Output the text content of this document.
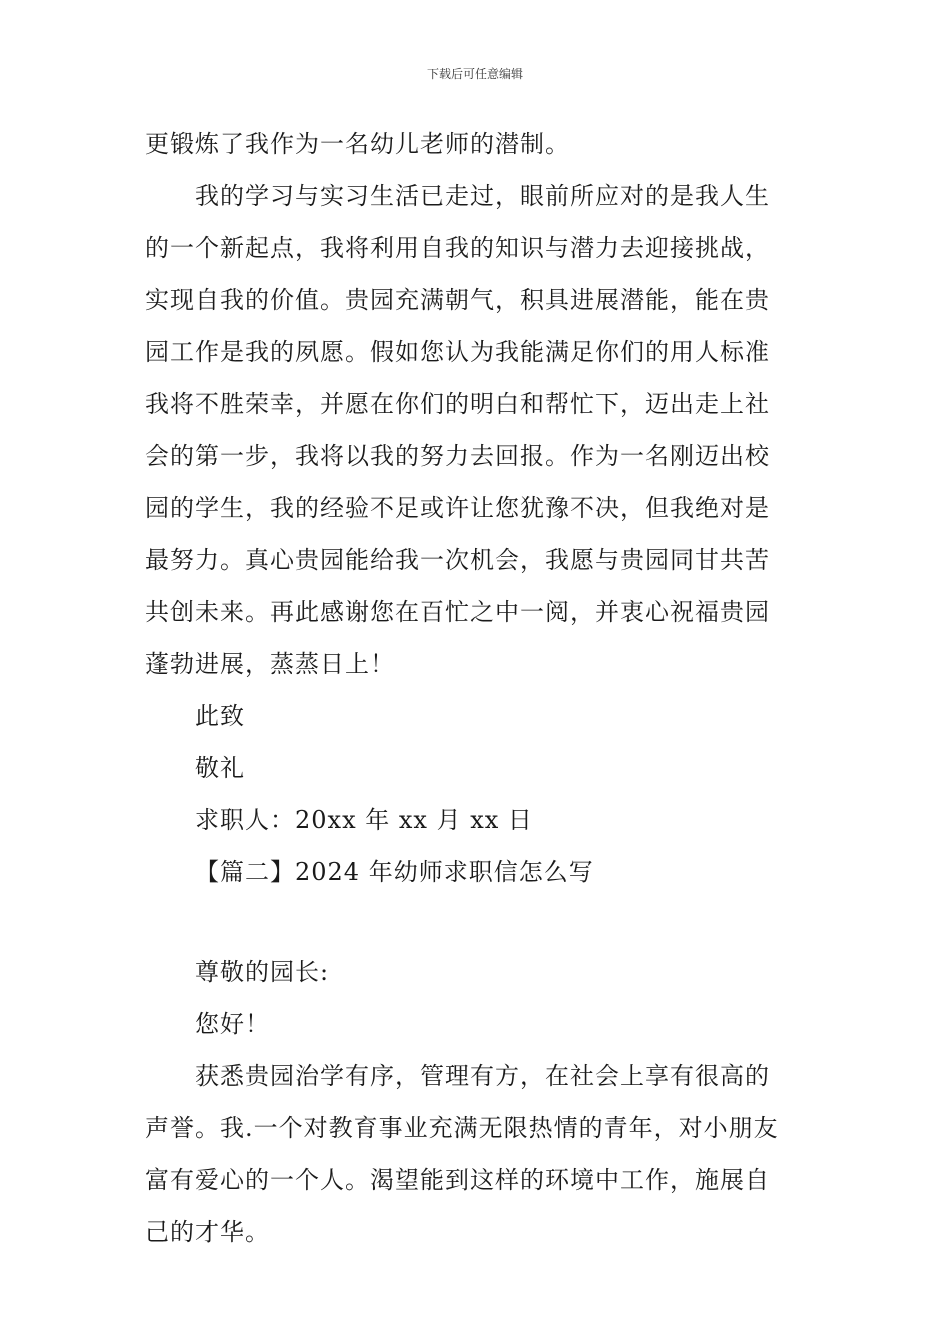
下载后可任意编辑
更锻炼了我作为一名幼儿老师的潜制。
我的学习与实习生活已走过，眼前所应对的是我人生
的一个新起点，我将利用自我的知识与潜力去迎接挑战，
实现自我的价值。贵园充满朝气，积具进展潜能，能在贵
园工作是我的夙愿。假如您认为我能满足你们的用人标准
我将不胜荣幸，并愿在你们的明白和帮忙下，迈出走上社
会的第一步，我将以我的努力去回报。作为一名刚迈出校
园的学生，我的经验不足或许让您犹豫不决，但我绝对是
最努力。真心贵园能给我一次机会，我愿与贵园同甘共苦
共创未来。再此感谢您在百忙之中一阅，并衷心祝福贵园
蓬勃进展，蒸蒸日上！
此致
敬礼
求职人：20xx 年 xx 月 xx 日
【篇二】2024 年幼师求职信怎么写
尊敬的园长:
您好！
获悉贵园治学有序，管理有方，在社会上享有很高的
声誉。我.一个对教育事业充满无限热情的青年，对小朋友
富有爱心的一个人。渴望能到这样的环境中工作，施展自
己的才华。
